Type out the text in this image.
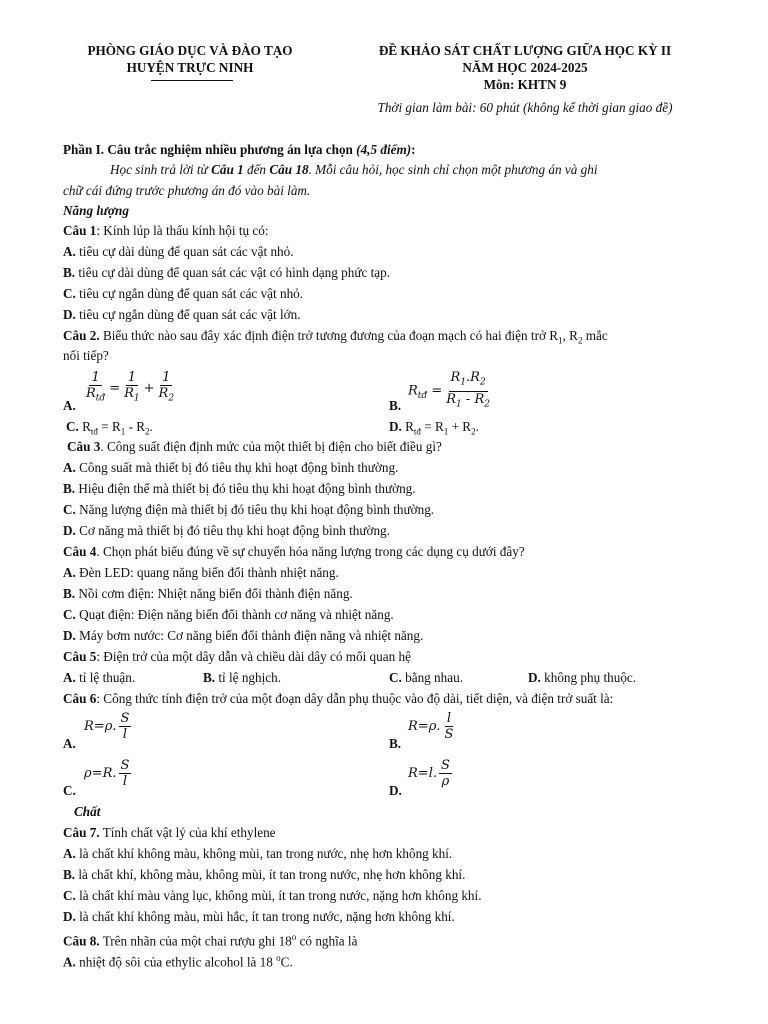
PHÒNG GIÁO DỤC VÀ ĐÀO TẠO
HUYỆN TRỰC NINH
ĐỀ KHẢO SÁT CHẤT LƯỢNG GIỮA HỌC KỲ II
NĂM HỌC 2024-2025
Môn: KHTN 9
Thời gian làm bài: 60 phút (không kể thời gian giao đề)
Phần I. Câu trắc nghiệm nhiều phương án lựa chọn (4,5 điểm):
Học sinh trả lời từ Câu 1 đến Câu 18. Mỗi câu hỏi, học sinh chỉ chọn một phương án và ghi
chữ cái đứng trước phương án đó vào bài làm.
Năng lượng
Câu 1: Kính lúp là thấu kính hội tụ có:
A. tiêu cự dài dùng để quan sát các vật nhỏ.
B. tiêu cự dài dùng để quan sát các vật có hình dạng phức tạp.
C. tiêu cự ngắn dùng để quan sát các vật nhỏ.
D. tiêu cự ngắn dùng để quan sát các vật lớn.
Câu 2. Biểu thức nào sau đây xác định điện trở tương đương của đoạn mạch có hai điện trở $R_1$, $R_2$ mắc
nối tiếp?
A. $\frac{1}{R_{tđ}} = \frac{1}{R_1} + \frac{1}{R_2}$	B.
$R_{tđ} = \frac{R_1.R_2}{R_1 - R_2}$
C. $R_{tđ} = R_1 - R_2$.	D. $R_{tđ} = R_1 + R_2$.
Câu 3. Công suất điện định mức của một thiết bị điện cho biết điều gì?
A. Công suất mà thiết bị đó tiêu thụ khi hoạt động bình thường.
B. Hiệu điện thế mà thiết bị đó tiêu thụ khi hoạt động bình thường.
C. Năng lượng điện mà thiết bị đó tiêu thụ khi hoạt động bình thường.
D. Cơ năng mà thiết bị đó tiêu thụ khi hoạt động bình thường.
Câu 4. Chọn phát biểu đúng về sự chuyển hóa năng lượng trong các dụng cụ dưới đây?
A. Đèn LED: quang năng biến đổi thành nhiệt năng.
B. Nồi cơm điện: Nhiệt năng biến đổi thành điện năng.
C. Quạt điện: Điện năng biến đổi thành cơ năng và nhiệt năng.
D. Máy bơm nước: Cơ năng biến đổi thành điện năng và nhiệt năng.
Câu 5: Điện trở của một dây dẫn và chiều dài dây có mối quan hệ
A. tỉ lệ thuận.	B. tỉ lệ nghịch.	C. bằng nhau.	D. không phụ thuộc.
Câu 6: Công thức tính điện trở của một đoạn dây dẫn phụ thuộc vào độ dài, tiết diện, và điện trở suất là:
A.
R=ρ. $\frac{S}{l}$
B.
R=ρ. $\frac{l}{S}$
C.
ρ=R. $\frac{S}{l}$
D.
R=l. $\frac{S}{\rho}$
Chất
Câu 7. Tính chất vật lý của khí ethylene
A. là chất khí không màu, không mùi, tan trong nước, nhẹ hơn không khí.
B. là chất khí, không màu, không mùi, ít tan trong nước, nhẹ hơn không khí.
C. là chất khí màu vàng lục, không mùi, ít tan trong nước, nặng hơn không khí.
D. là chất khí không màu, mùi hắc, ít tan trong nước, nặng hơn không khí.
Câu 8. Trên nhãn của một chai rượu ghi 18$^o$ có nghĩa là
A. nhiệt độ sôi của ethylic alcohol là 18 $^o$C.
